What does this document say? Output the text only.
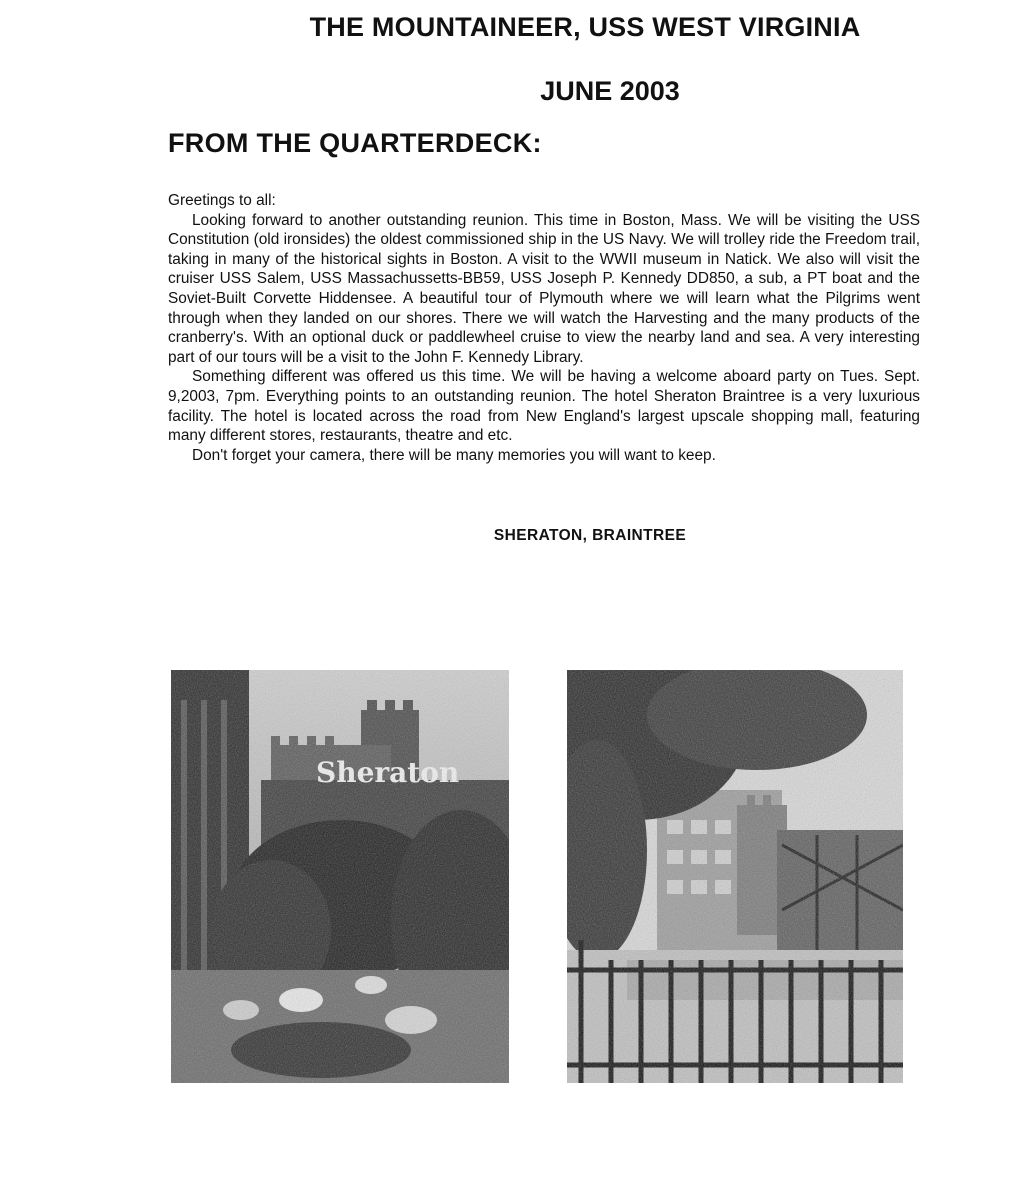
THE MOUNTAINEER, USS WEST VIRGINIA
JUNE 2003
FROM THE QUARTERDECK:
Greetings to all:

Looking forward to another outstanding reunion. This time in Boston, Mass. We will be visiting the USS Constitution (old ironsides) the oldest commissioned ship in the US Navy. We will trolley ride the Freedom trail, taking in many of the historical sights in Boston. A visit to the WWII museum in Natick. We also will visit the cruiser USS Salem, USS Massachussetts-BB59, USS Joseph P. Kennedy DD850, a sub, a PT boat and the Soviet-Built Corvette Hiddensee. A beautiful tour of Plymouth where we will learn what the Pilgrims went through when they landed on our shores. There we will watch the Harvesting and the many products of the cranberry's. With an optional duck or paddlewheel cruise to view the nearby land and sea. A very interesting part of our tours will be a visit to the John F. Kennedy Library.

Something different was offered us this time. We will be having a welcome aboard party on Tues. Sept. 9,2003, 7pm. Everything points to an outstanding reunion. The hotel Sheraton Braintree is a very luxurious facility. The hotel is located across the road from New England's largest upscale shopping mall, featuring many different stores, restaurants, theatre and etc.

Don't forget your camera, there will be many memories you will want to keep.

SHERATON, BRAINTREE
